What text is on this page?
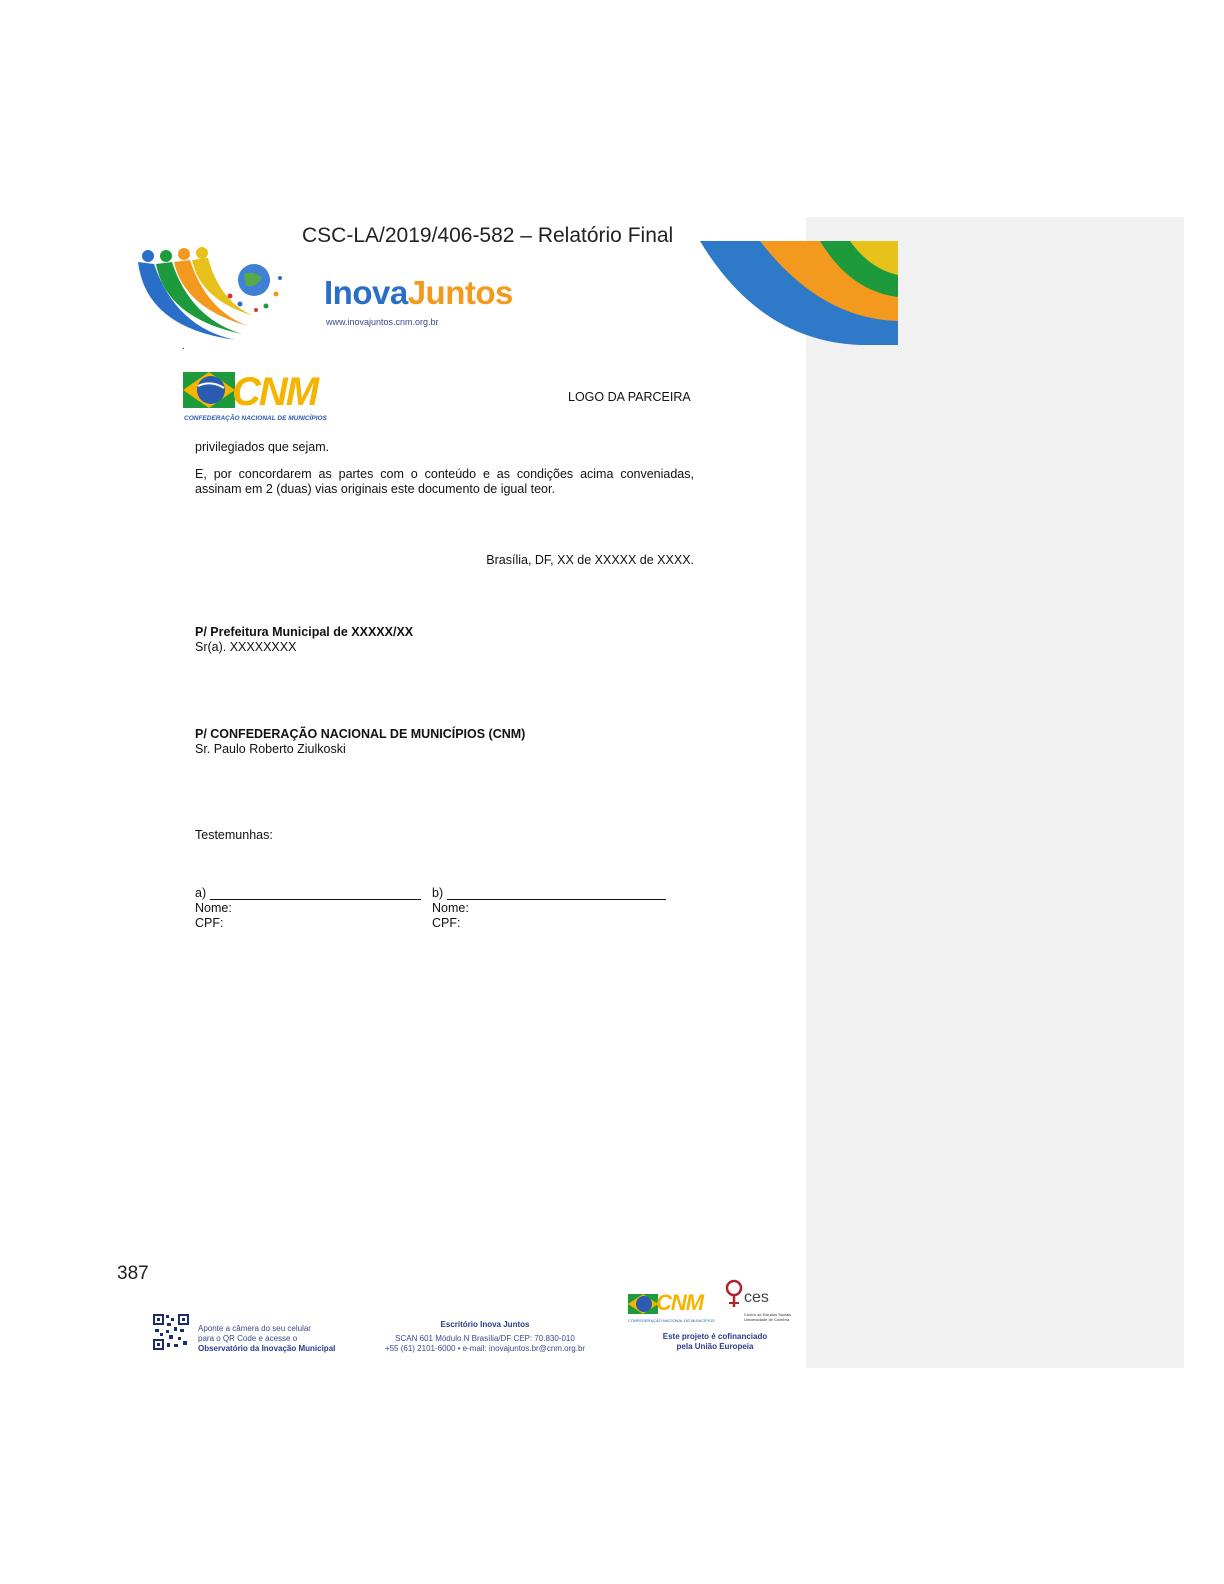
CSC-LA/2019/406-582 – Relatório Final
InovaJuntos
www.inovajuntos.cnm.org.br
.
CNM
CONFEDERAÇÃO NACIONAL DE MUNICÍPIOS
LOGO DA PARCEIRA
privilegiados que sejam.
E, por concordarem as partes com o conteúdo e as condições acima conveniadas, assinam em 2 (duas) vias originais este documento de igual teor.
Brasília, DF, XX de XXXXX de XXXX.
P/ Prefeitura Municipal de XXXXX/XX
Sr(a). XXXXXXXX
P/ CONFEDERAÇÃO NACIONAL DE MUNICÍPIOS (CNM)
Sr. Paulo Roberto Ziulkoski
Testemunhas:
a)
Nome:
CPF:
b)
Nome:
CPF:
387
Aponte a câmera do seu celular
para o QR Code e acesse o
Observatório da Inovação Municipal
Escritório Inova Juntos
SCAN 601 Módulo N Brasília/DF CEP: 70.830-010
+55 (61) 2101-6000 • e-mail: inovajuntos.br@cnm.org.br
CNM
CONFEDERAÇÃO NACIONAL DE MUNICÍPIOS
ces
Centro de Estudos Sociais
Universidade de Coimbra
Este projeto é cofinanciado
pela União Europeia
